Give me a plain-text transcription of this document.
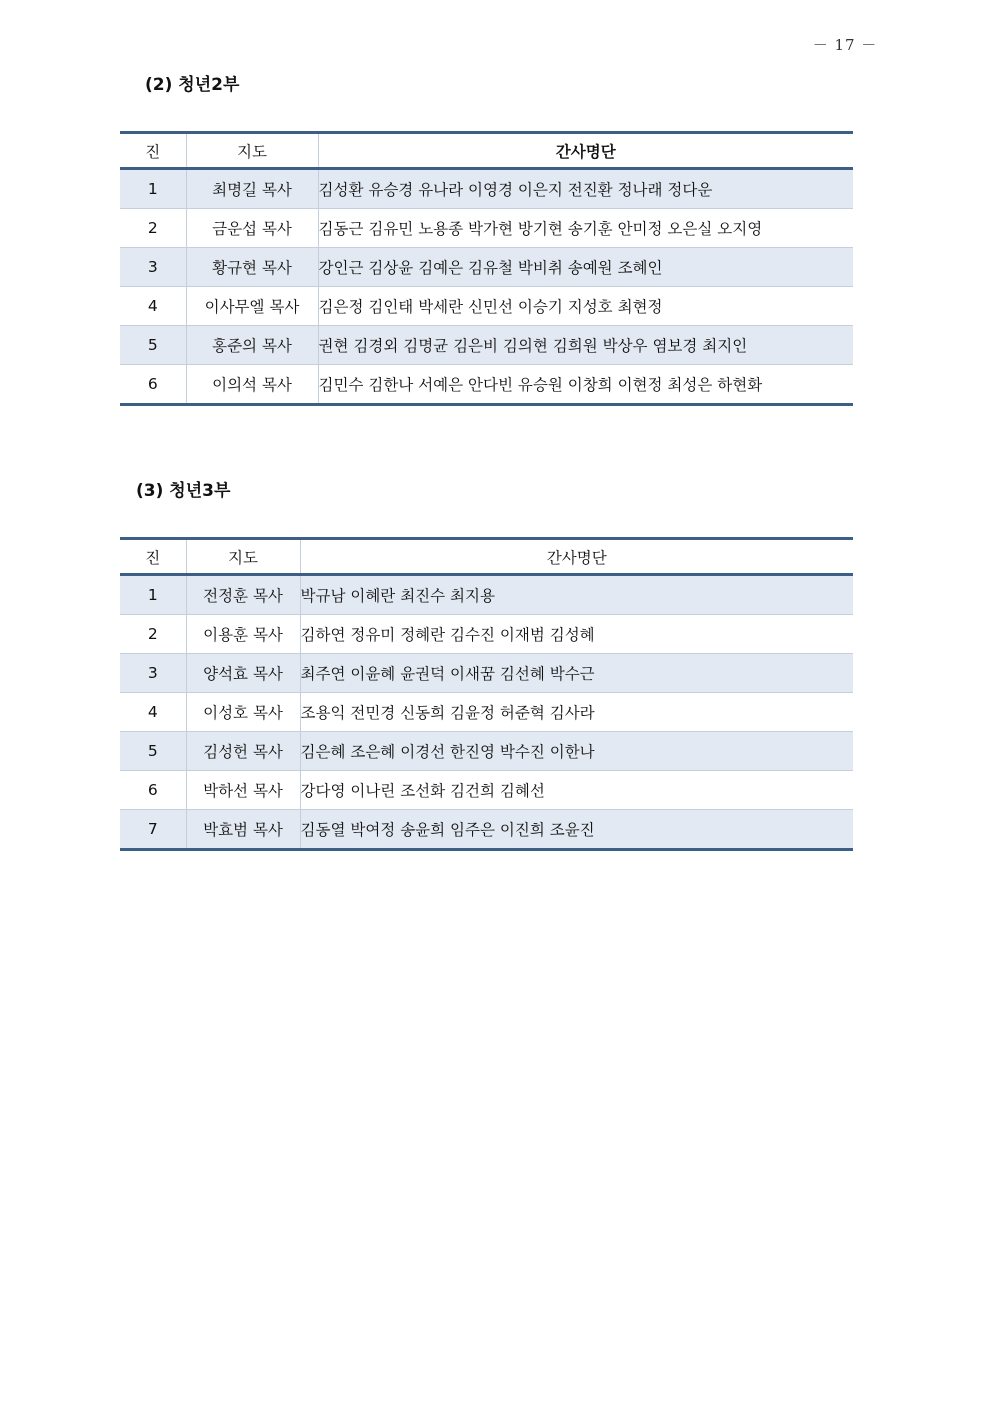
－ 17 －
(2) 청년2부
진	지도	간사명단
1	최명길 목사	김성환 유승경 유나라 이영경 이은지 전진환 정나래 정다운
2	금운섭 목사	김동근 김유민 노용종 박가현 방기현 송기훈 안미정 오은실 오지영
3	황규현 목사	강인근 김상윤 김예은 김유철 박비취 송예원 조혜인
4	이사무엘 목사	김은정 김인태 박세란 신민선 이승기 지성호 최현정
5	홍준의 목사	권현 김경외 김명균 김은비 김의현 김희원 박상우 염보경 최지인
6	이의석 목사	김민수 김한나 서예은 안다빈 유승원 이창희 이현정 최성은 하현화
(3) 청년3부
진	지도	간사명단
1	전정훈 목사	박규남 이혜란 최진수 최지용
2	이용훈 목사	김하연 정유미 정혜란 김수진 이재범 김성혜
3	양석효 목사	최주연 이윤혜 윤권덕 이새꿈 김선혜 박수근
4	이성호 목사	조용익 전민경 신동희 김윤정 허준혁 김사라
5	김성헌 목사	김은혜 조은혜 이경선 한진영 박수진 이한나
6	박하선 목사	강다영 이나린 조선화 김건희 김혜선
7	박효범 목사	김동열 박여정 송윤희 임주은 이진희 조윤진
